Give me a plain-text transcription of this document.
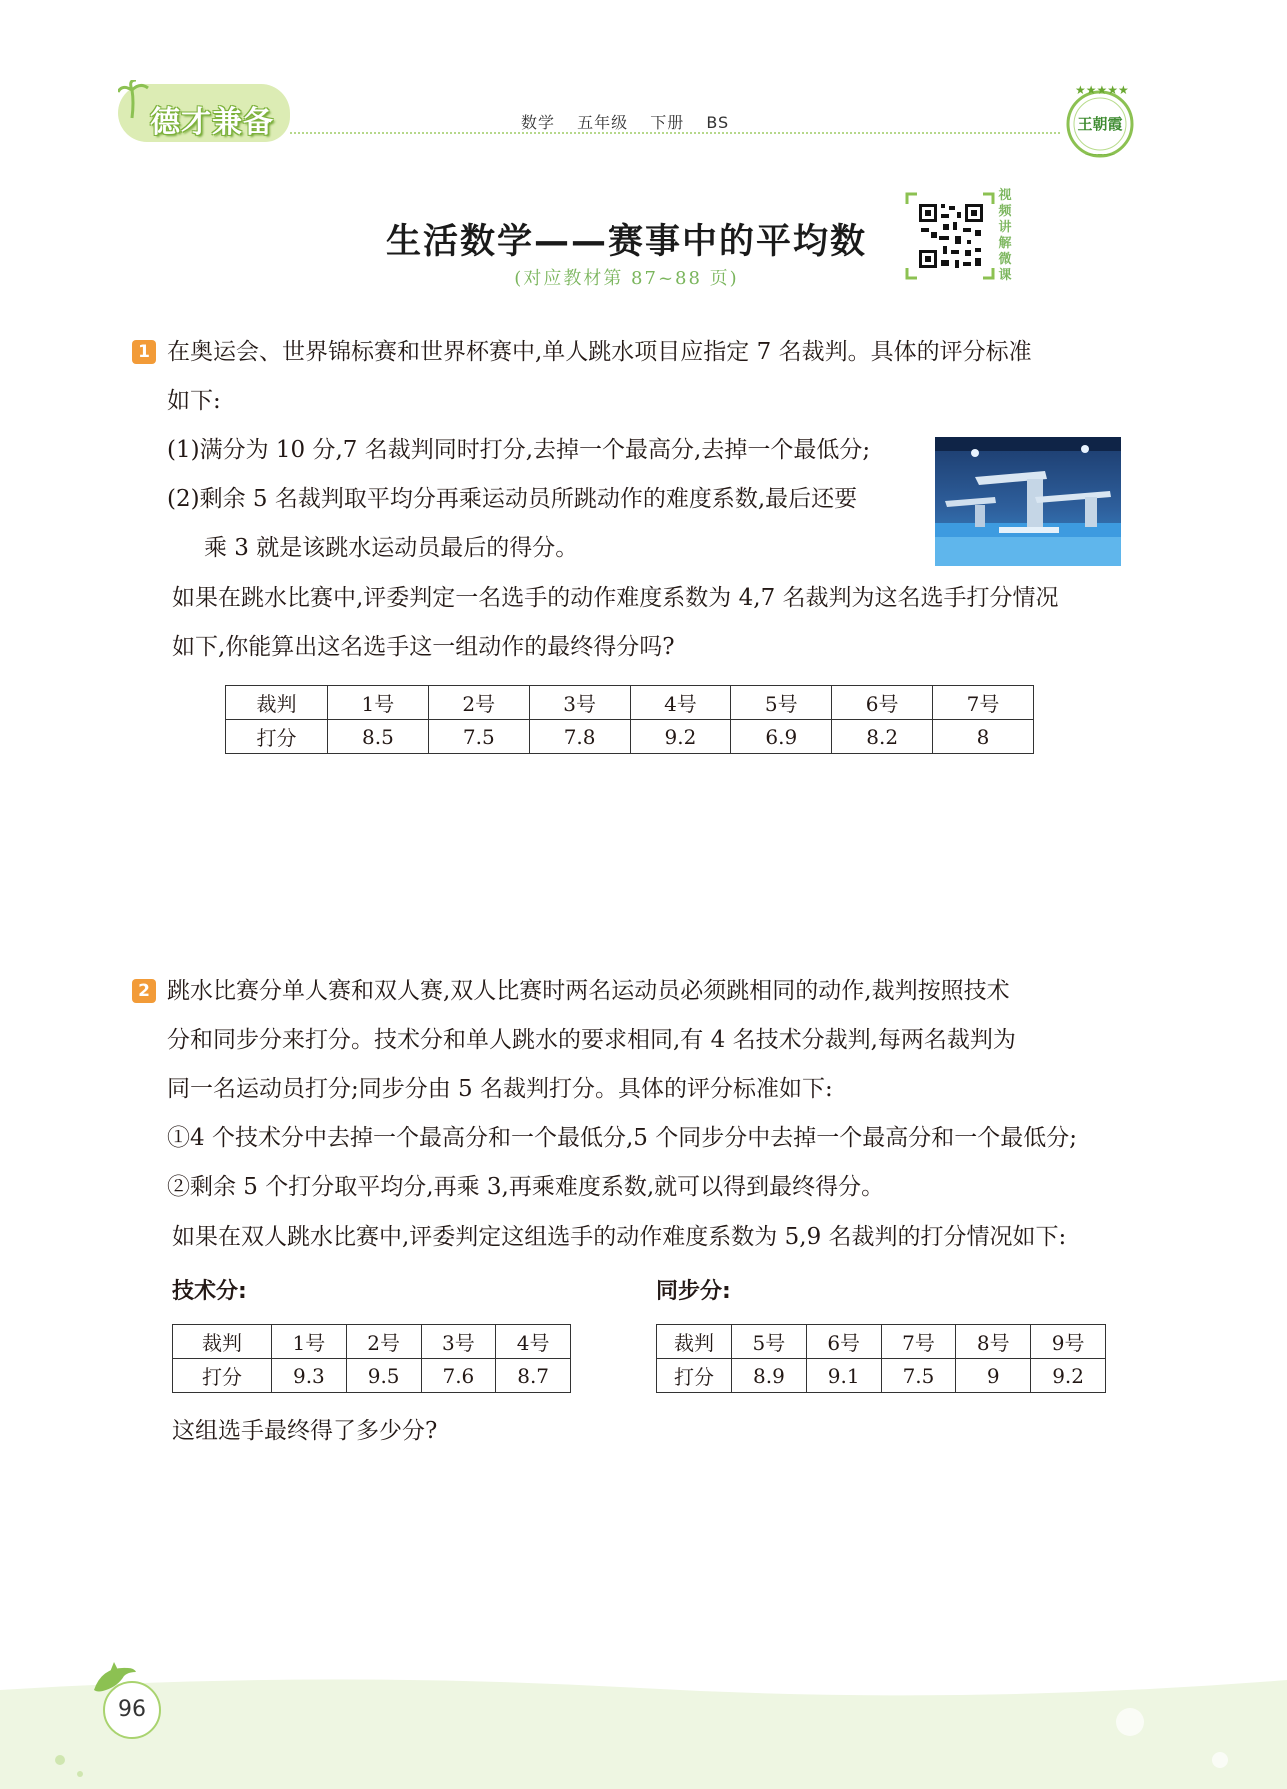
德才兼备	数学 五年级 下册 BS
★★★★★
—————
王朝霞
生活数学——赛事中的平均数
(对应教材第 87~88 页)
视
频
讲
解
微
课
1 在奥运会、世界锦标赛和世界杯赛中,单人跳水项目应指定 7 名裁判。具体的评分标准
如下:
(1)满分为 10 分,7 名裁判同时打分,去掉一个最高分,去掉一个最低分;
(2)剩余 5 名裁判取平均分再乘运动员所跳动作的难度系数,最后还要
乘 3 就是该跳水运动员最后的得分。
如果在跳水比赛中,评委判定一名选手的动作难度系数为 4,7 名裁判为这名选手打分情况
如下,你能算出这名选手这一组动作的最终得分吗?
裁判	1号	2号	3号	4号	5号	6号	7号
打分	8.5	7.5	7.8	9.2	6.9	8.2	8
2 跳水比赛分单人赛和双人赛,双人比赛时两名运动员必须跳相同的动作,裁判按照技术
分和同步分来打分。技术分和单人跳水的要求相同,有 4 名技术分裁判,每两名裁判为
同一名运动员打分;同步分由 5 名裁判打分。具体的评分标准如下:
①4 个技术分中去掉一个最高分和一个最低分,5 个同步分中去掉一个最高分和一个最低分;
②剩余 5 个打分取平均分,再乘 3,再乘难度系数,就可以得到最终得分。
如果在双人跳水比赛中,评委判定这组选手的动作难度系数为 5,9 名裁判的打分情况如下:
技术分:	同步分:
裁判	1号	2号	3号	4号
打分	9.3	9.5	7.6	8.7
裁判	5号	6号	7号	8号	9号
打分	8.9	9.1	7.5	9	9.2
这组选手最终得了多少分?
96
